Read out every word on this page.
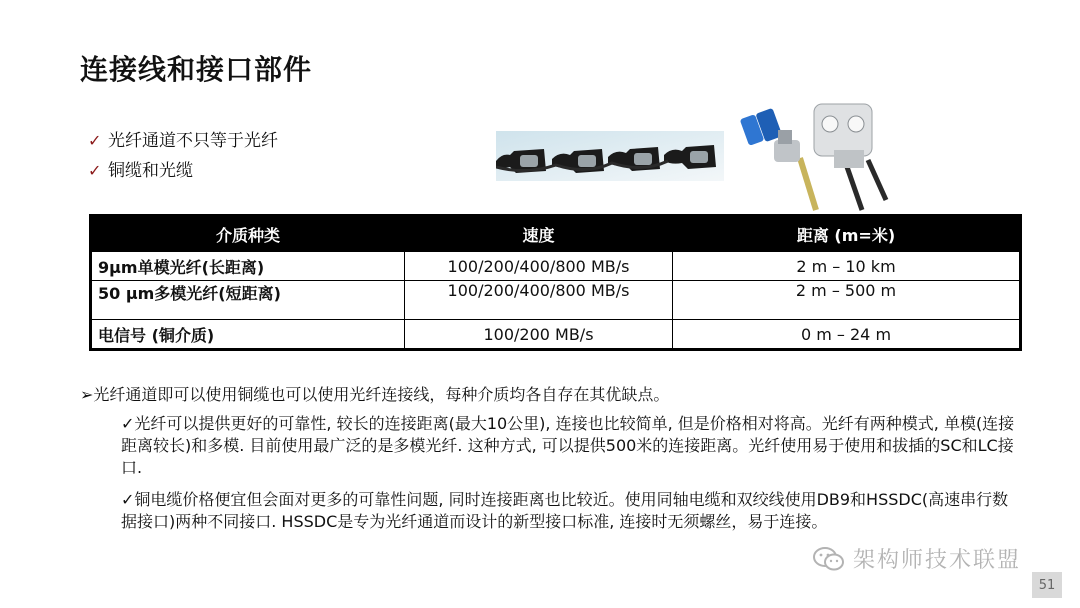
连接线和接口部件
✓ 光纤通道不只等于光纤
✓ 铜缆和光缆
介质种类	速度	距离 (m=米)
9μm单模光纤(长距离)	100/200/400/800 MB/s	2 m – 10 km
50 μm多模光纤(短距离)	100/200/400/800 MB/s	2 m – 500 m
电信号 (铜介质)	100/200 MB/s	0 m – 24 m
➢光纤通道即可以使用铜缆也可以使用光纤连接线，每种介质均各自存在其优缺点。
✓光纤可以提供更好的可靠性, 较长的连接距离(最大10公里), 连接也比较简单, 但是价格相对将高。光纤有两种模式, 单模(连接距离较长)和多模. 目前使用最广泛的是多模光纤. 这种方式, 可以提供500米的连接距离。光纤使用易于使用和拔插的SC和LC接口.
✓铜电缆价格便宜但会面对更多的可靠性问题, 同时连接距离也比较近。使用同轴电缆和双绞线使用DB9和HSSDC(高速串行数据接口)两种不同接口. HSSDC是专为光纤通道而设计的新型接口标准, 连接时无须螺丝，易于连接。
架构师技术联盟
51
